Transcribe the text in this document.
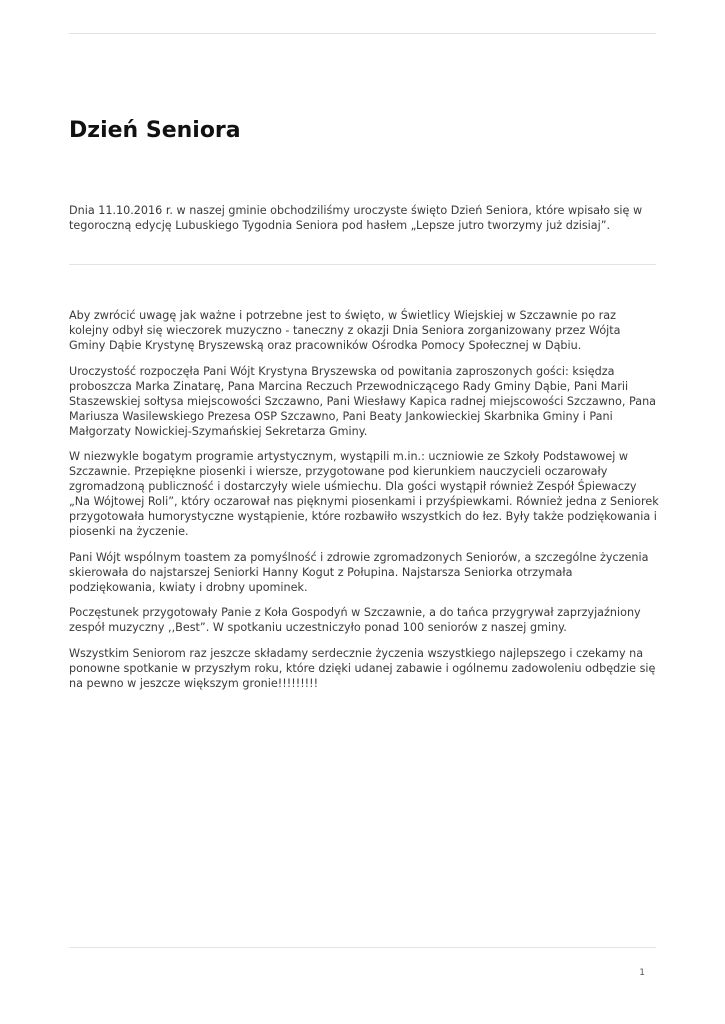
Dzień Seniora

Dnia 11.10.2016 r. w naszej gminie obchodziliśmy uroczyste święto Dzień Seniora, które wpisało się w tegoroczną edycję Lubuskiego Tygodnia Seniora pod hasłem „Lepsze jutro tworzymy już dzisiaj”.

Aby zwrócić uwagę jak ważne i potrzebne jest to święto, w Świetlicy Wiejskiej w Szczawnie po raz kolejny odbył się wieczorek muzyczno - taneczny z okazji Dnia Seniora zorganizowany przez Wójta Gminy Dąbie Krystynę Bryszewską oraz pracowników Ośrodka Pomocy Społecznej w Dąbiu.

Uroczystość rozpoczęła Pani Wójt Krystyna Bryszewska od powitania zaproszonych gości: księdza proboszcza Marka Zinatarę, Pana Marcina Reczuch Przewodniczącego Rady Gminy Dąbie, Pani Marii Staszewskiej sołtysa miejscowości Szczawno, Pani Wiesławy Kapica radnej miejscowości Szczawno, Pana Mariusza Wasilewskiego Prezesa OSP Szczawno, Pani Beaty Jankowieckiej Skarbnika Gminy i Pani Małgorzaty Nowickiej-Szymańskiej Sekretarza Gminy.

W niezwykle bogatym programie artystycznym, wystąpili m.in.: uczniowie ze Szkoły Podstawowej w Szczawnie. Przepiękne piosenki i wiersze, przygotowane pod kierunkiem nauczycieli oczarowały zgromadzoną publiczność i dostarczyły wiele uśmiechu. Dla gości wystąpił również Zespół Śpiewaczy „Na Wójtowej Roli”, który oczarował nas pięknymi piosenkami i przyśpiewkami. Również jedna z Seniorek przygotowała humorystyczne wystąpienie, które rozbawiło wszystkich do łez. Były także podziękowania i piosenki na życzenie.

Pani Wójt wspólnym toastem za pomyślność i zdrowie zgromadzonych Seniorów, a szczególne życzenia skierowała do najstarszej Seniorki Hanny Kogut z Połupina. Najstarsza Seniorka otrzymała podziękowania, kwiaty i drobny upominek.

Poczęstunek przygotowały Panie z Koła Gospodyń w Szczawnie, a do tańca przygrywał zaprzyjaźniony zespół muzyczny ,,Best”. W spotkaniu uczestniczyło ponad 100 seniorów z naszej gminy.

Wszystkim Seniorom raz jeszcze składamy serdecznie życzenia wszystkiego najlepszego i czekamy na ponowne spotkanie w przyszłym roku, które dzięki udanej zabawie i ogólnemu zadowoleniu odbędzie się na pewno w jeszcze większym gronie!!!!!!!!!

1
